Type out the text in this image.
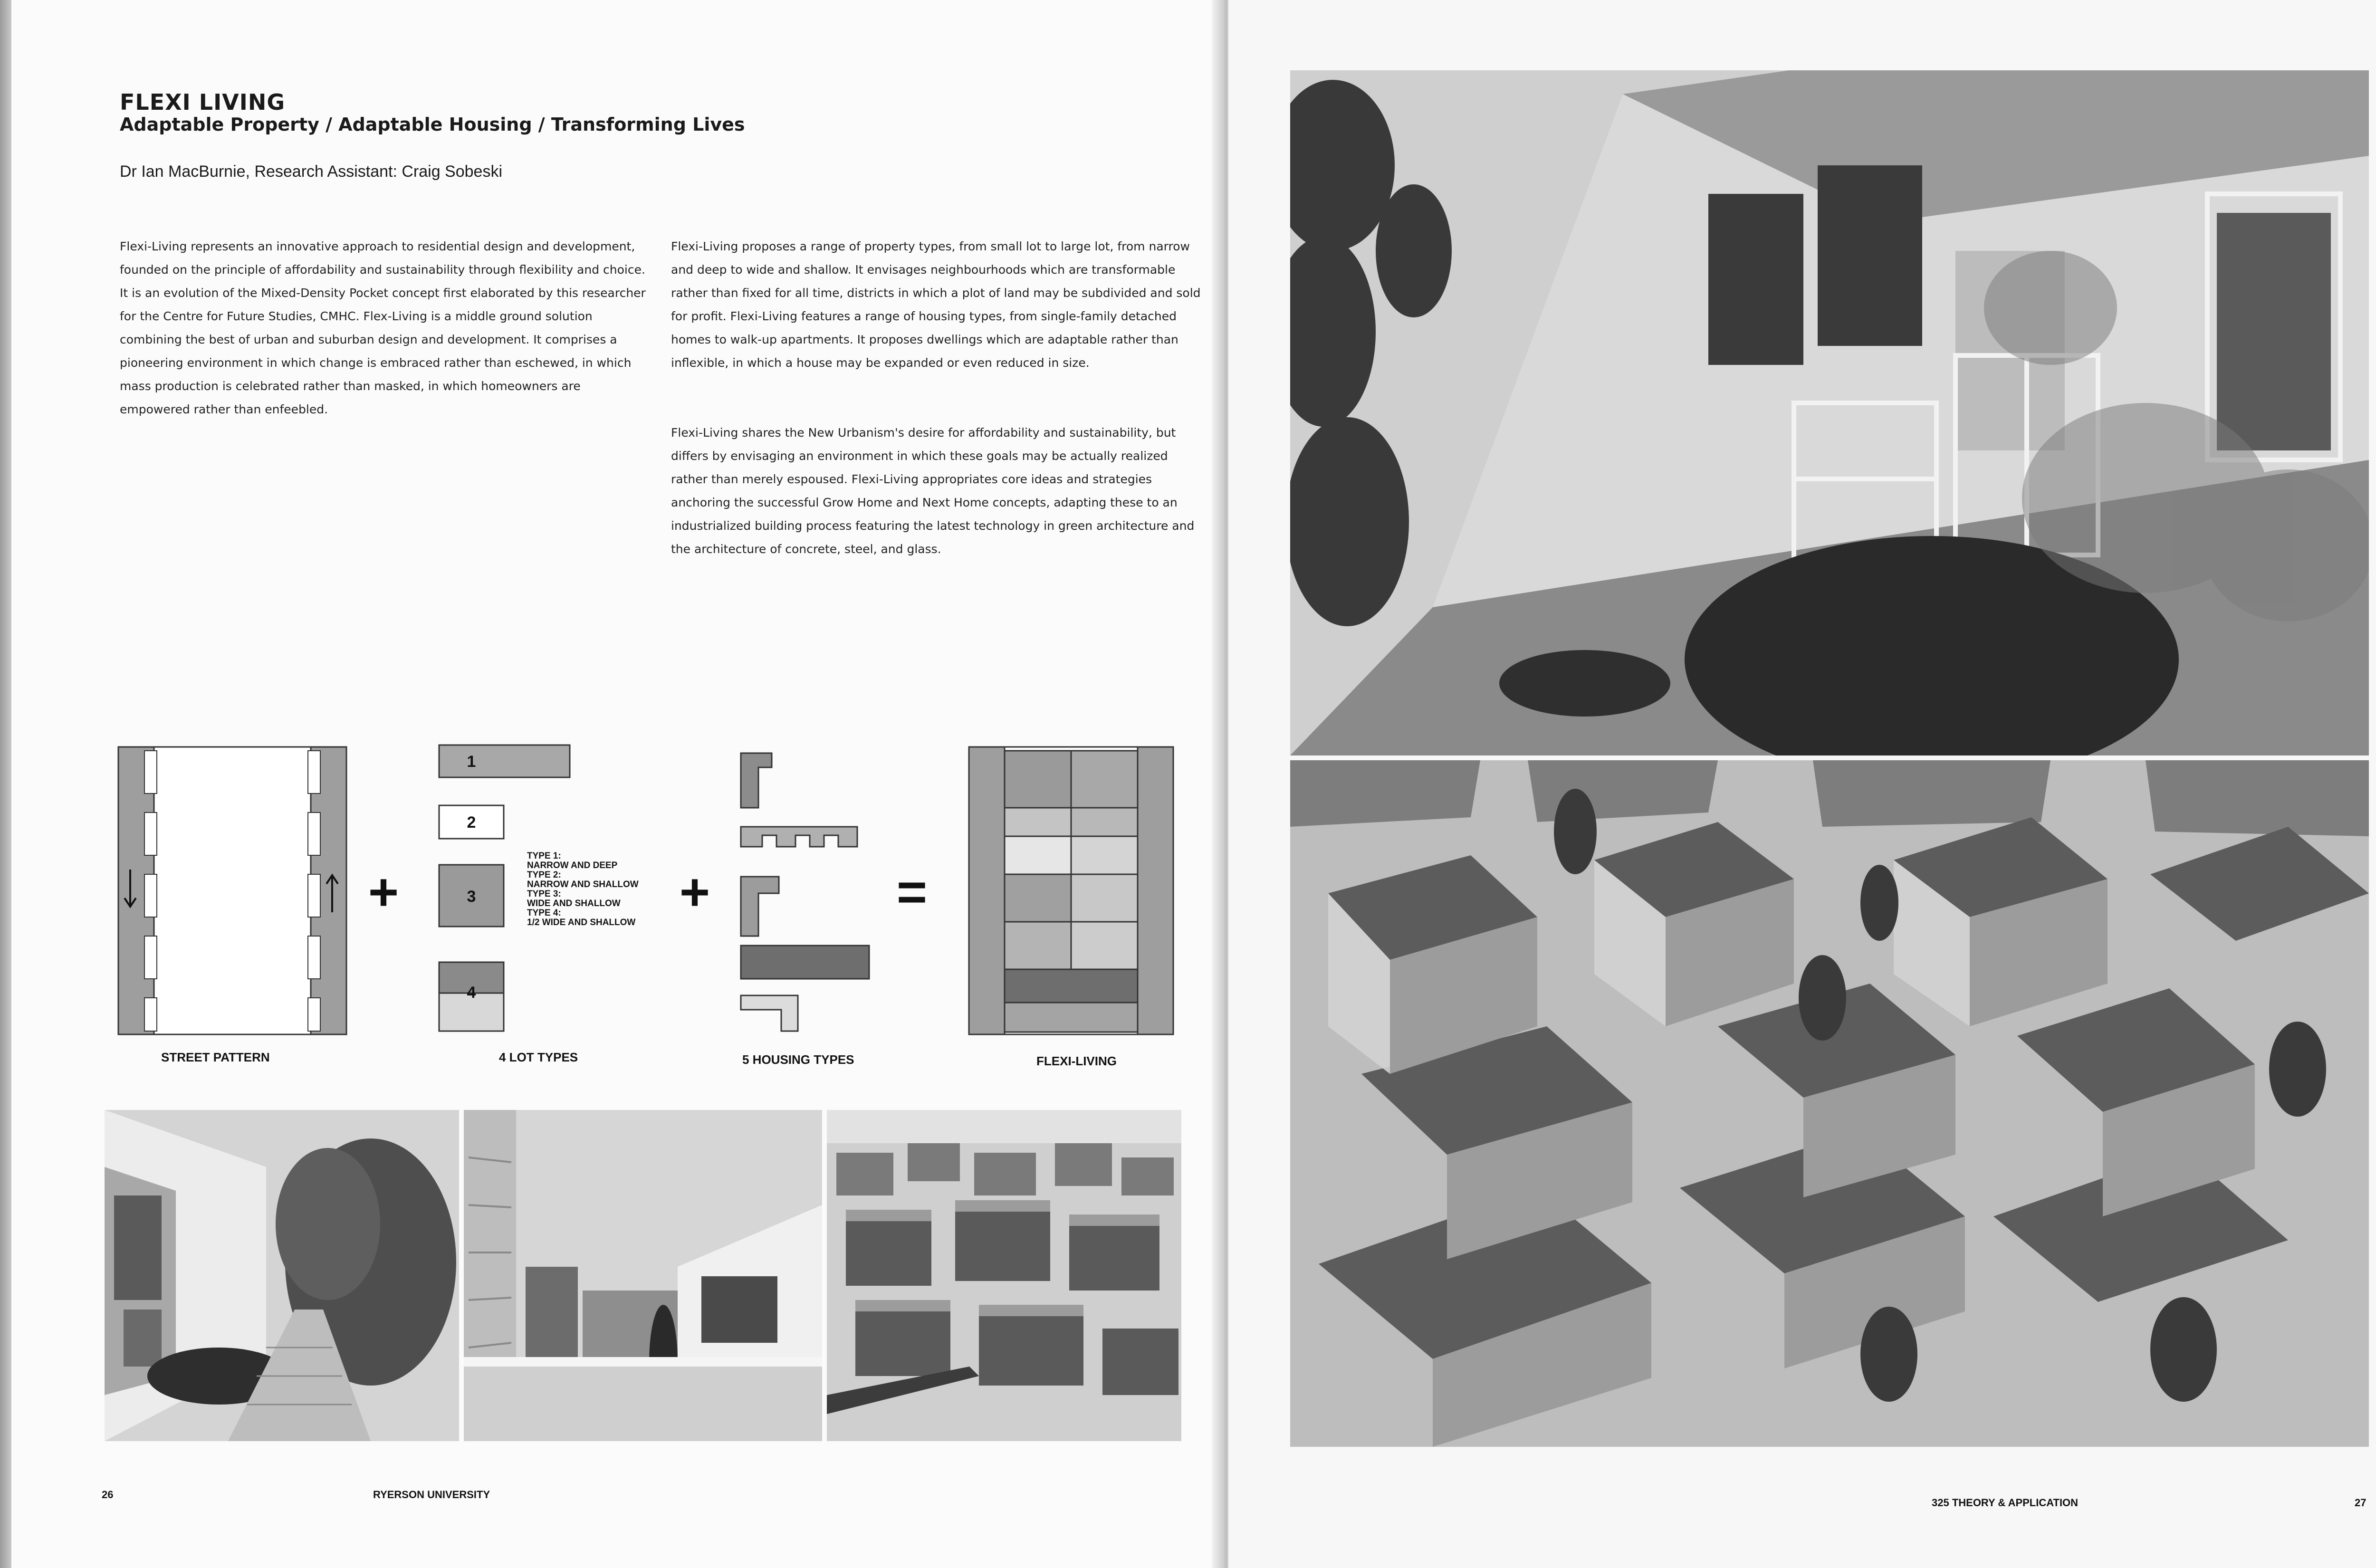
FLEXI LIVING
Adaptable Property / Adaptable Housing / Transforming Lives

Dr Ian MacBurnie, Research Assistant: Craig Sobeski

Flexi-Living represents an innovative approach to residential design and development, founded on the principle of affordability and sustainability through flexibility and choice. It is an evolution of the Mixed-Density Pocket concept first elaborated by this researcher for the Centre for Future Studies, CMHC. Flex-Living is a middle ground solution combining the best of urban and suburban design and development. It comprises a pioneering environment in which change is embraced rather than eschewed, in which mass production is celebrated rather than masked, in which homeowners are empowered rather than enfeebled.

Flexi-Living proposes a range of property types, from small lot to large lot, from narrow and deep to wide and shallow. It envisages neighbourhoods which are transformable rather than fixed for all time, districts in which a plot of land may be subdivided and sold for profit. Flexi-Living features a range of housing types, from single-family detached homes to walk-up apartments. It proposes dwellings which are adaptable rather than inflexible, in which a house may be expanded or even reduced in size.

Flexi-Living shares the New Urbanism's desire for affordability and sustainability, but differs by envisaging an environment in which these goals may be actually realized rather than merely espoused. Flexi-Living appropriates core ideas and strategies anchoring the successful Grow Home and Next Home concepts, adapting these to an industrialized building process featuring the latest technology in green architecture and the architecture of concrete, steel, and glass.

+	+	=
1
2
3
4
STREET PATTERN	4 LOT TYPES	5 HOUSING TYPES	FLEXI-LIVING
TYPE 1:
NARROW AND DEEP
TYPE 2:
NARROW AND SHALLOW
TYPE 3:
WIDE AND SHALLOW
TYPE 4:
1/2 WIDE AND SHALLOW
26	RYERSON UNIVERSITY
325 THEORY & APPLICATION	27
